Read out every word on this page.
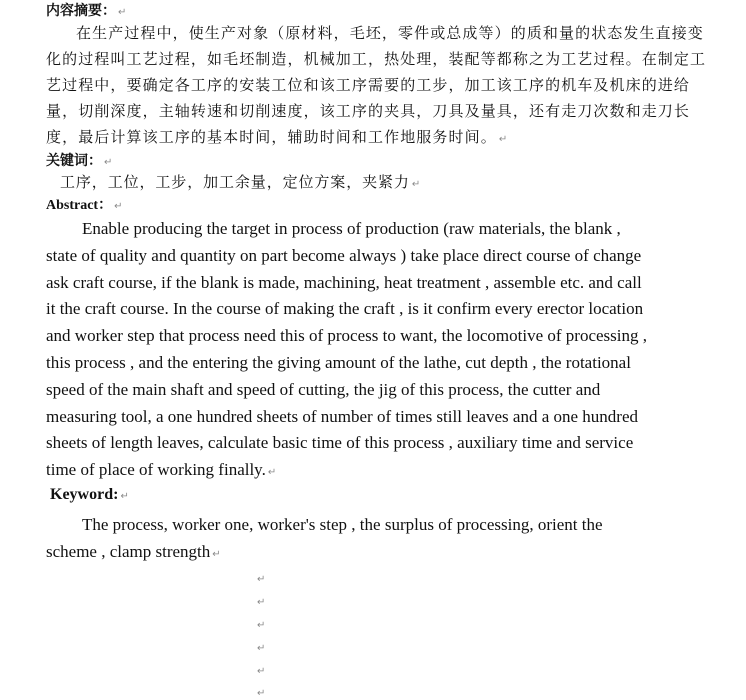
内容摘要： ↵
在生产过程中，使生产对象（原材料，毛坯，零件或总成等）的质和量的状态发生直接变
化的过程叫工艺过程，如毛坯制造，机械加工，热处理，装配等都称之为工艺过程。在制定工
艺过程中，要确定各工序的安装工位和该工序需要的工步，加工该工序的机车及机床的进给
量，切削深度，主轴转速和切削速度，该工序的夹具，刀具及量具，还有走刀次数和走刀长
度，最后计算该工序的基本时间，辅助时间和工作地服务时间。 ↵
关键词： ↵
工序，工位，工步，加工余量，定位方案，夹紧力 ↵
Abstract： ↵
Enable producing the target in process of production (raw materials, the blank ,
state of quality and quantity on part become always ) take place direct course of change
ask craft course, if the blank is made, machining, heat treatment , assemble etc. and call
it the craft course. In the course of making the craft , is it confirm every erector location
and worker step that process need this of process to want, the locomotive of processing ,
this process , and the entering the giving amount of the lathe, cut depth , the rotational
speed of the main shaft and speed of cutting, the jig of this process, the cutter and
measuring tool, a one hundred sheets of number of times still leaves and a one hundred
sheets of length leaves, calculate basic time of this process , auxiliary time and service
time of place of working finally. ↵
Keyword: ↵
The process, worker one, worker's step , the surplus of processing, orient the
scheme , clamp strength ↵
↵
↵
↵
↵
↵
↵
